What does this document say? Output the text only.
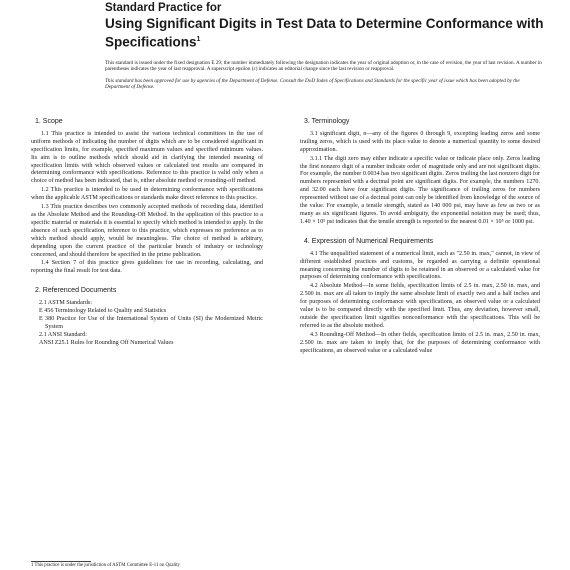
Standard Practice for
Using Significant Digits in Test Data to Determine Conformance with Specifications$^1$
This standard is issued under the fixed designation E 29; the number immediately following the designation indicates the year of original adoption or, in the case of revision, the year of last revision. A number in parentheses indicates the year of last reapproval. A superscript epsilon (ε) indicates an editorial change since the last revision or reapproval.
This standard has been approved for use by agencies of the Department of Defense. Consult the DoD Index of Specifications and Standards for the specific year of issue which has been adopted by the Department of Defense.
1. Scope

1.1 This practice is intended to assist the various technical committees in the use of uniform methods of indicating the number of digits which are to be considered significant in specification limits, for example, specified maximum values and specified minimum values. Its aim is to outline methods which should aid in clarifying the intended meaning of specification limits with which observed values or calculated test results are compared in determining conformance with specifications. Reference to this practice is valid only when a choice of method has been indicated, that is, either absolute method or rounding-off method.

1.2 This practice is intended to be used in determining conformance with specifications when the applicable ASTM specifications or standards make direct reference to this practice.

1.3 This practice describes two commonly accepted methods of recording data, identified as the Absolute Method and the Rounding-Off Method. In the application of this practice to a specific material or materials it is essential to specify which method is intended to apply. In the absence of such specification, reference to this practice, which expresses no preference as to which method should apply, would be meaningless. The choice of method is arbitrary, depending upon the current practice of the particular branch of industry or technology concerned, and should therefore be specified in the prime publication.

1.4 Section 7 of this practice gives guidelines for use in recording, calculating, and reporting the final result for test data.

2. Referenced Documents
2.1 ASTM Standards:
E 456 Terminology Related to Quality and Statistics
E 380 Practice for Use of the International System of Units (SI) the Modernized Metric System
2.1 ANSI Standard:
ANSI Z25.1 Rules for Rounding Off Numerical Values
3. Terminology

3.1 significant digit, n—any of the figures 0 through 9, excepting leading zeros and some trailing zeros, which is used with its place value to denote a numerical quantity to some desired approximation.

3.1.1 The digit zero may either indicate a specific value or indicate place only. Zeros leading the first nonzero digit of a number indicate order of magnitude only and are not significant digits. For example, the number 0.0034 has two significant digits. Zeros trailing the last nonzero digit for numbers represented with a decimal point are significant digits. For example, the numbers 1270. and 32.00 each have four significant digits. The significance of trailing zeros for numbers represented without use of a decimal point can only be identified from knowledge of the source of the value. For example, a tensile strength, stated as 140 000 psi, may have as few as two or as many as six significant figures. To avoid ambiguity, the exponential notation may be used; thus, 1.40 × 10⁵ psi indicates that the tensile strength is reported to the nearest 0.01 × 10⁵ or 1000 psi.

4. Expression of Numerical Requirements

4.1 The unqualified statement of a numerical limit, such as "2.50 in. max," cannot, in view of different established practices and customs, be regarded as carrying a definite operational meaning concerning the number of digits to be retained in an observed or a calculated value for purposes of determining conformance with specifications.

4.2 Absolute Method—In some fields, specification limits of 2.5 in. max, 2.50 in. max, and 2.500 in. max are all taken to imply the same absolute limit of exactly two and a half inches and for purposes of determining conformance with specifications, an observed value or a calculated value is to be compared directly with the specified limit. Thus, any deviation, however small, outside the specification limit signifies nonconformance with the specifications. This will be referred to as the absolute method.

4.3 Rounding-Off Method—In other fields, specification limits of 2.5 in. max, 2.50 in. max, 2.500 in. max are taken to imply that, for the purposes of determining conformance with specifications, an observed value or a calculated value

1 This practice is under the jurisdiction of ASTM Committee E-11 on Quality
